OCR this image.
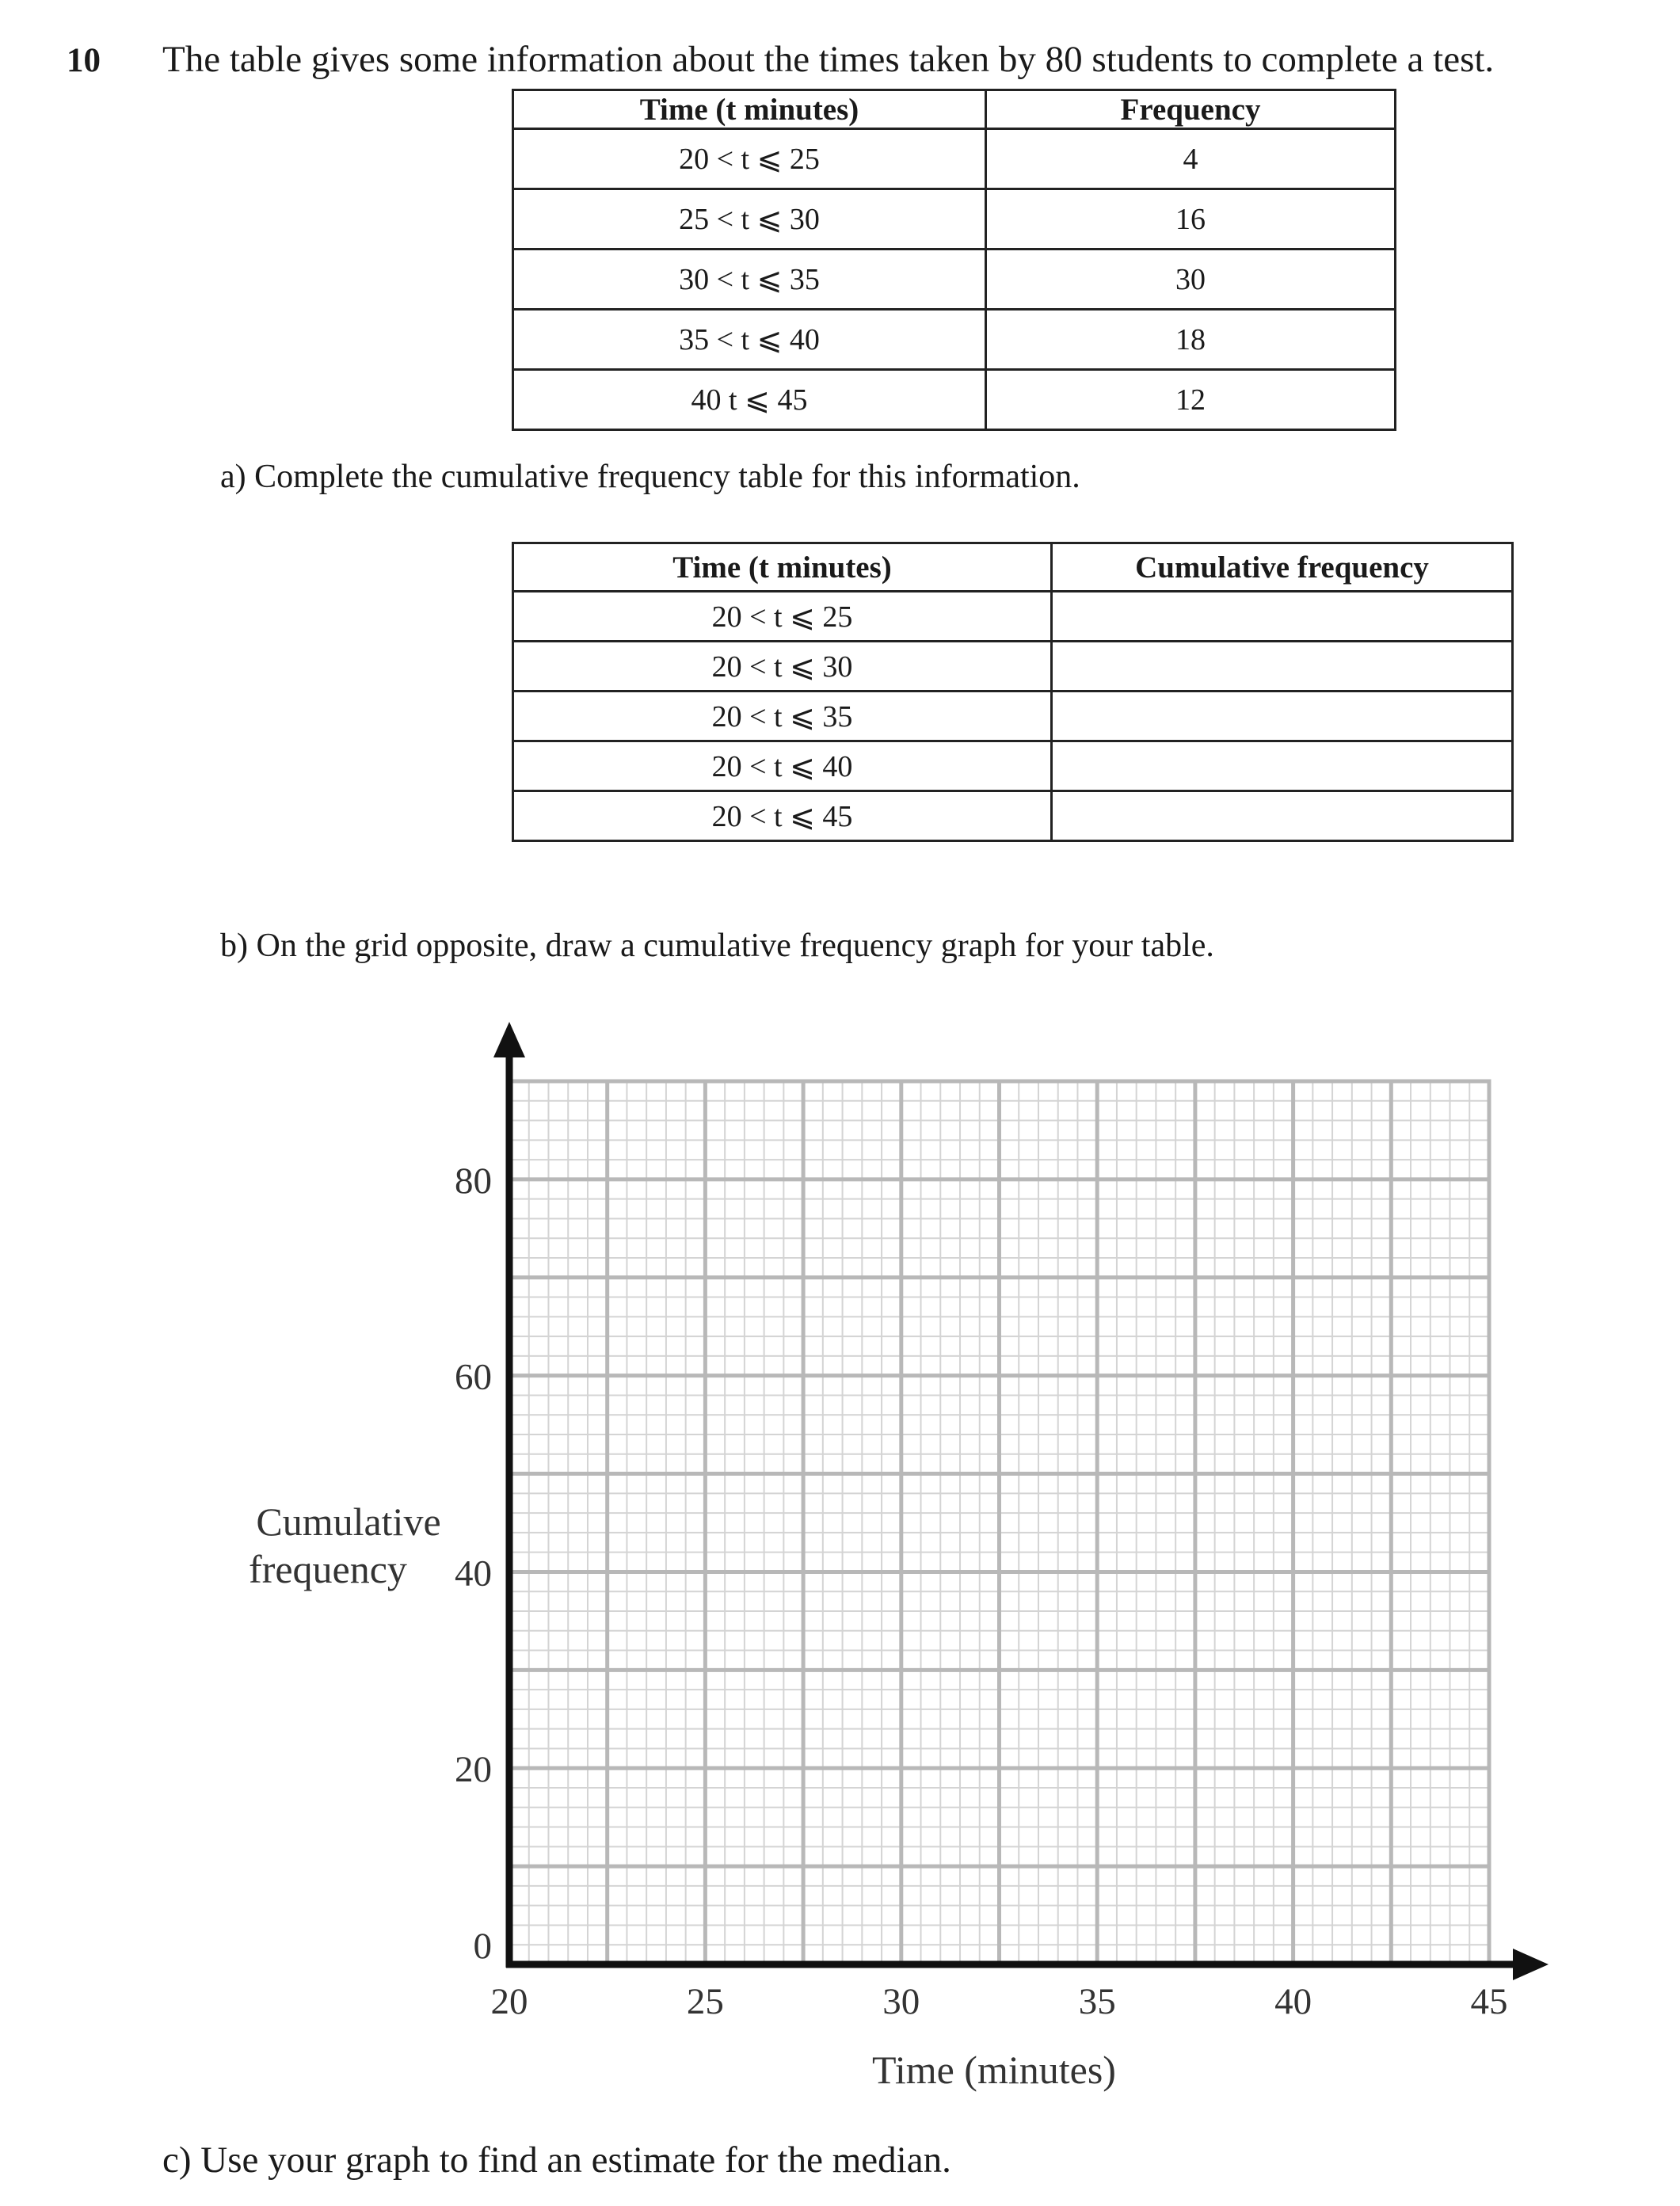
10 The table gives some information about the times taken by 80 students to complete a test.
Time (t minutes)	Frequency
20 < t ⩽ 25	4
25 < t ⩽ 30	16
30 < t ⩽ 35	30
35 < t ⩽ 40	18
40 t ⩽ 45	12
a) Complete the cumulative frequency table for this information.
Time (t minutes)	Cumulative frequency
20 < t ⩽ 25	
20 < t ⩽ 30	
20 < t ⩽ 35	
20 < t ⩽ 40	
20 < t ⩽ 45	
b) On the grid opposite, draw a cumulative frequency graph for your table.
20	25	30	35	40	45
0
20
40
60
80
Cumulative
frequency
Time (minutes)
c) Use your graph to find an estimate for the median.
